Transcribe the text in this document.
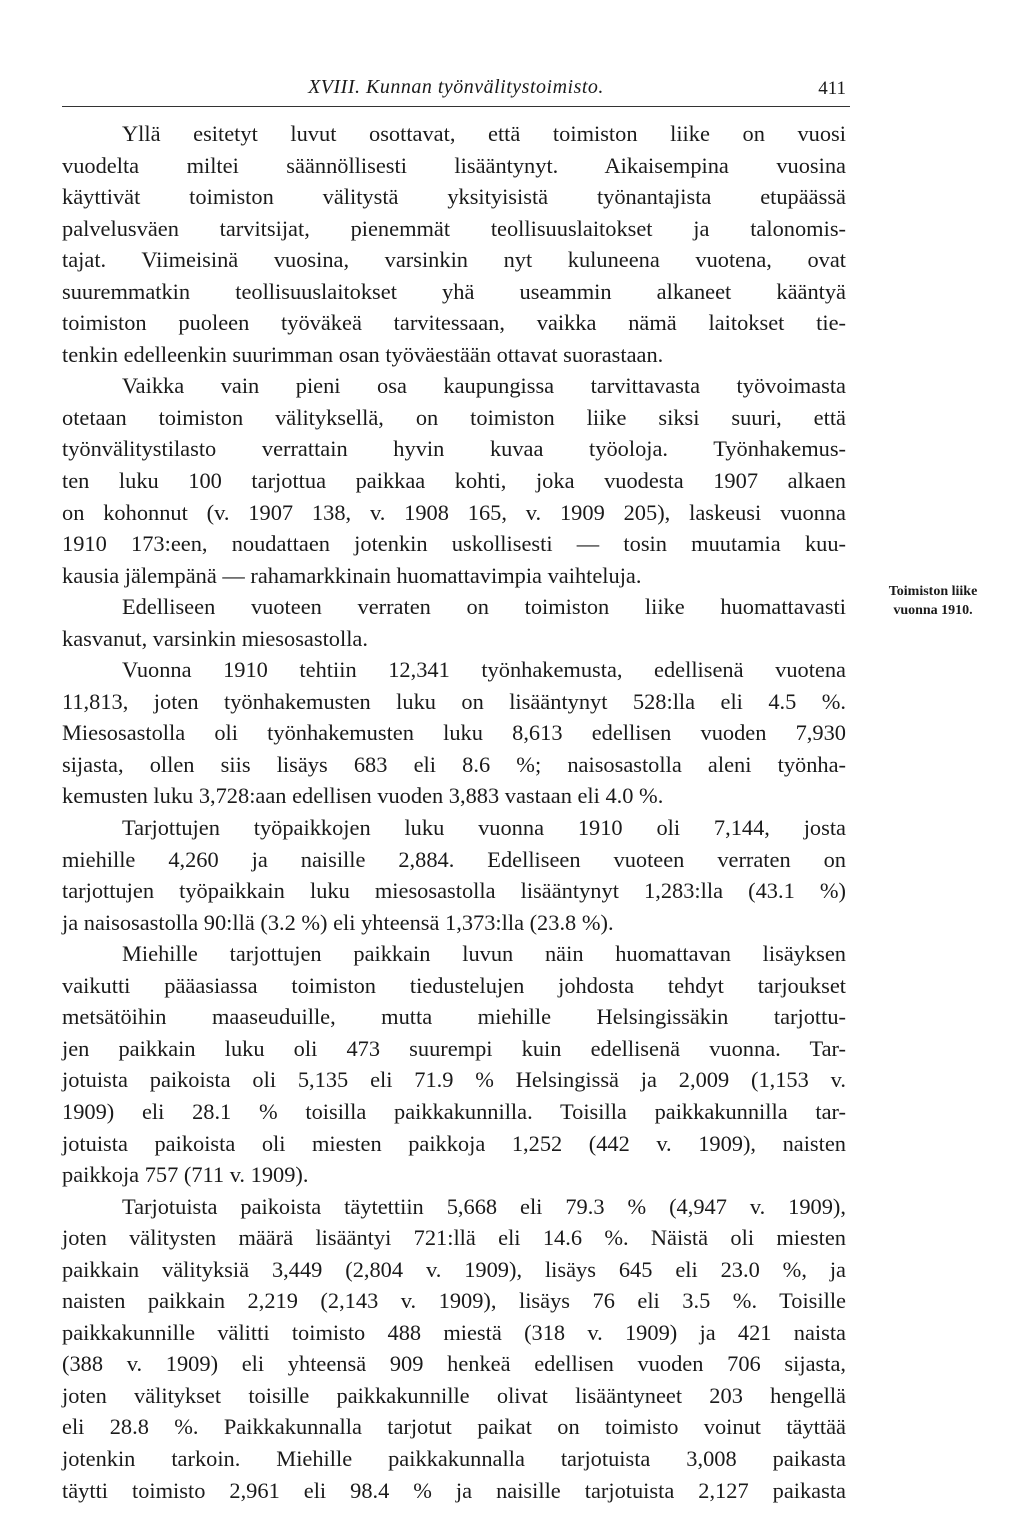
XVIII. Kunnan työnvälitystoimisto.	411
Yllä esitetyt luvut osottavat, että toimiston liike on vuosi
vuodelta miltei säännöllisesti lisääntynyt. Aikaisempina vuosina
käyttivät toimiston välitystä yksityisistä työnantajista etupäässä
palvelusväen tarvitsijat, pienemmät teollisuuslaitokset ja talonomis-
tajat. Viimeisinä vuosina, varsinkin nyt kuluneena vuotena, ovat
suuremmatkin teollisuuslaitokset yhä useammin alkaneet kääntyä
toimiston puoleen työväkeä tarvitessaan, vaikka nämä laitokset tie-
tenkin edelleenkin suurimman osan työväestään ottavat suorastaan.
Vaikka vain pieni osa kaupungissa tarvittavasta työvoimasta
otetaan toimiston välityksellä, on toimiston liike siksi suuri, että
työnvälitystilasto verrattain hyvin kuvaa työoloja. Työnhakemus-
ten luku 100 tarjottua paikkaa kohti, joka vuodesta 1907 alkaen
on kohonnut (v. 1907 138, v. 1908 165, v. 1909 205), laskeusi vuonna
1910 173:een, noudattaen jotenkin uskollisesti — tosin muutamia kuu-
kausia jälempänä — rahamarkkinain huomattavimpia vaihteluja.
Edelliseen vuoteen verraten on toimiston liike huomattavasti
kasvanut, varsinkin miesosastolla.
Vuonna 1910 tehtiin 12,341 työnhakemusta, edellisenä vuotena
11,813, joten työnhakemusten luku on lisääntynyt 528:lla eli 4.5 %.
Miesosastolla oli työnhakemusten luku 8,613 edellisen vuoden 7,930
sijasta, ollen siis lisäys 683 eli 8.6 %; naisosastolla aleni työnha-
kemusten luku 3,728:aan edellisen vuoden 3,883 vastaan eli 4.0 %.
Tarjottujen työpaikkojen luku vuonna 1910 oli 7,144, josta
miehille 4,260 ja naisille 2,884. Edelliseen vuoteen verraten on
tarjottujen työpaikkain luku miesosastolla lisääntynyt 1,283:lla (43.1 %)
ja naisosastolla 90:llä (3.2 %) eli yhteensä 1,373:lla (23.8 %).
Miehille tarjottujen paikkain luvun näin huomattavan lisäyksen
vaikutti pääasiassa toimiston tiedustelujen johdosta tehdyt tarjoukset
metsätöihin maaseuduille, mutta miehille Helsingissäkin tarjottu-
jen paikkain luku oli 473 suurempi kuin edellisenä vuonna. Tar-
jotuista paikoista oli 5,135 eli 71.9 % Helsingissä ja 2,009 (1,153 v.
1909) eli 28.1 % toisilla paikkakunnilla. Toisilla paikkakunnilla tar-
jotuista paikoista oli miesten paikkoja 1,252 (442 v. 1909), naisten
paikkoja 757 (711 v. 1909).
Tarjotuista paikoista täytettiin 5,668 eli 79.3 % (4,947 v. 1909),
joten välitysten määrä lisääntyi 721:llä eli 14.6 %. Näistä oli miesten
paikkain välityksiä 3,449 (2,804 v. 1909), lisäys 645 eli 23.0 %, ja
naisten paikkain 2,219 (2,143 v. 1909), lisäys 76 eli 3.5 %. Toisille
paikkakunnille välitti toimisto 488 miestä (318 v. 1909) ja 421 naista
(388 v. 1909) eli yhteensä 909 henkeä edellisen vuoden 706 sijasta,
joten välitykset toisille paikkakunnille olivat lisääntyneet 203 hengellä
eli 28.8 %. Paikkakunnalla tarjotut paikat on toimisto voinut täyttää
jotenkin tarkoin. Miehille paikkakunnalla tarjotuista 3,008 paikasta
täytti toimisto 2,961 eli 98.4 % ja naisille tarjotuista 2,127 paikasta
Toimiston liike
vuonna 1910.
